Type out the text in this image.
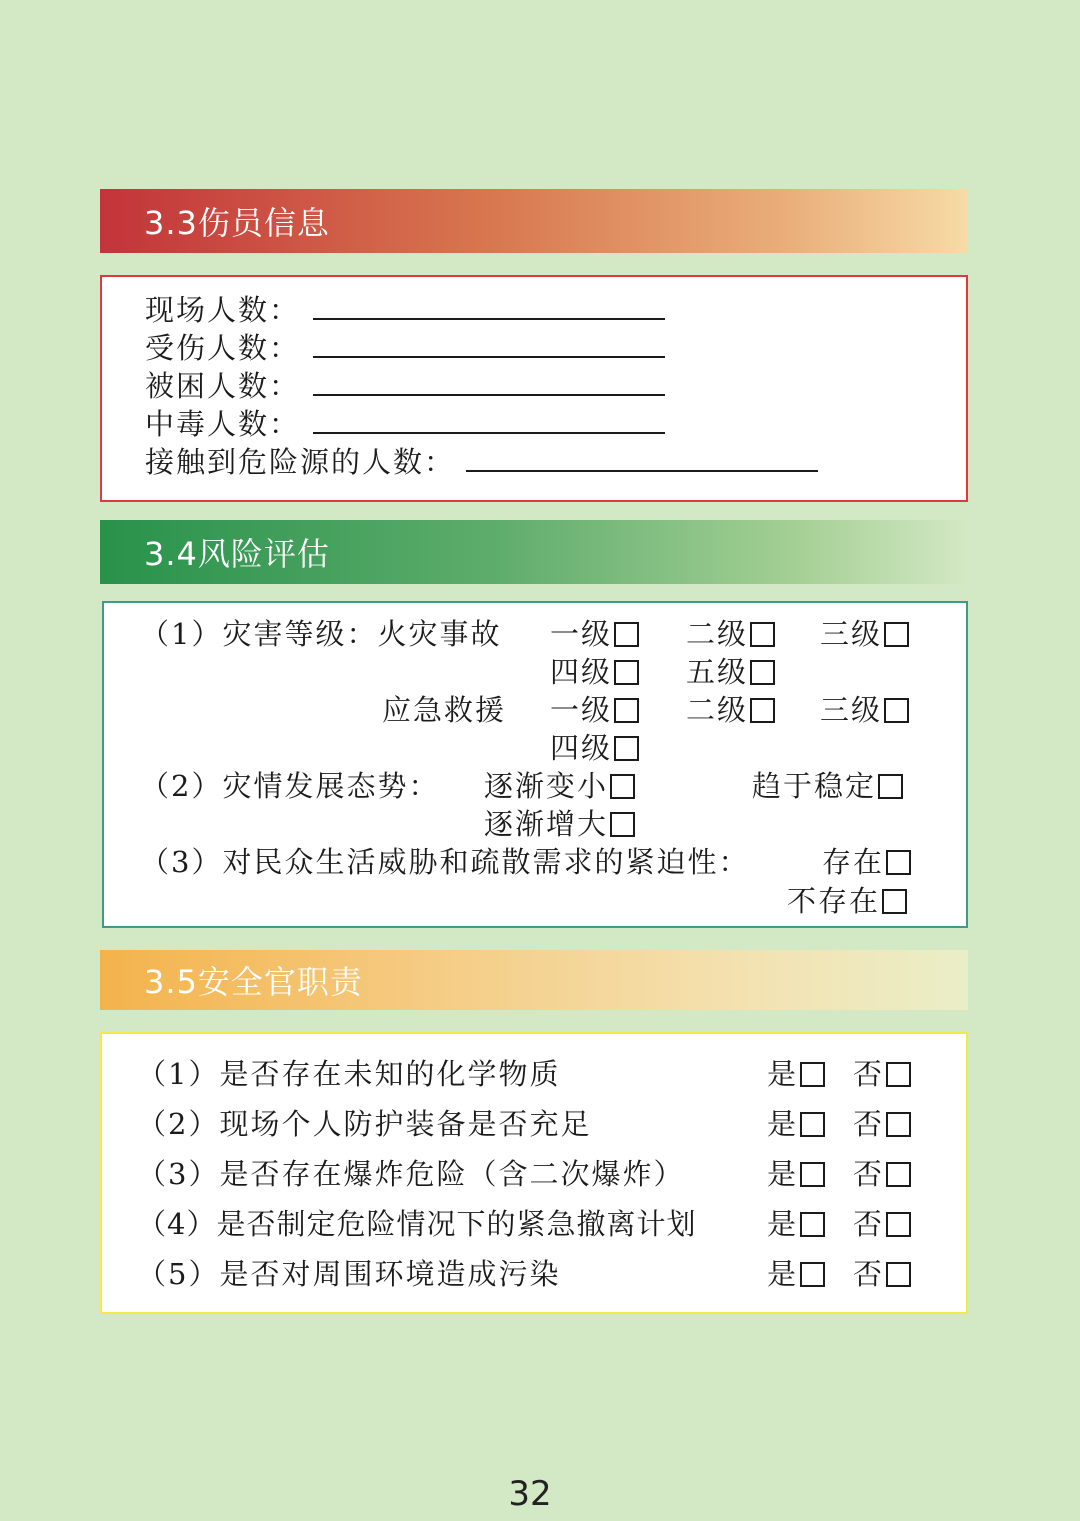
3.3伤员信息
现场人数：
受伤人数：
被困人数：
中毒人数：
接触到危险源的人数：
3.4风险评估
（1）灾害等级：火灾事故 一级	二级	三级
四级	五级
应急救援 一级	二级	三级
四级
（2）灾情发展态势： 逐渐变小	趋于稳定
逐渐增大
（3）对民众生活威胁和疏散需求的紧迫性：	存在
不存在
3.5安全官职责
（1）是否存在未知的化学物质	是	否
（2）现场个人防护装备是否充足	是	否
（3）是否存在爆炸危险（含二次爆炸）	是	否
（4）是否制定危险情况下的紧急撤离计划 是	否
（5）是否对周围环境造成污染	是	否
32
